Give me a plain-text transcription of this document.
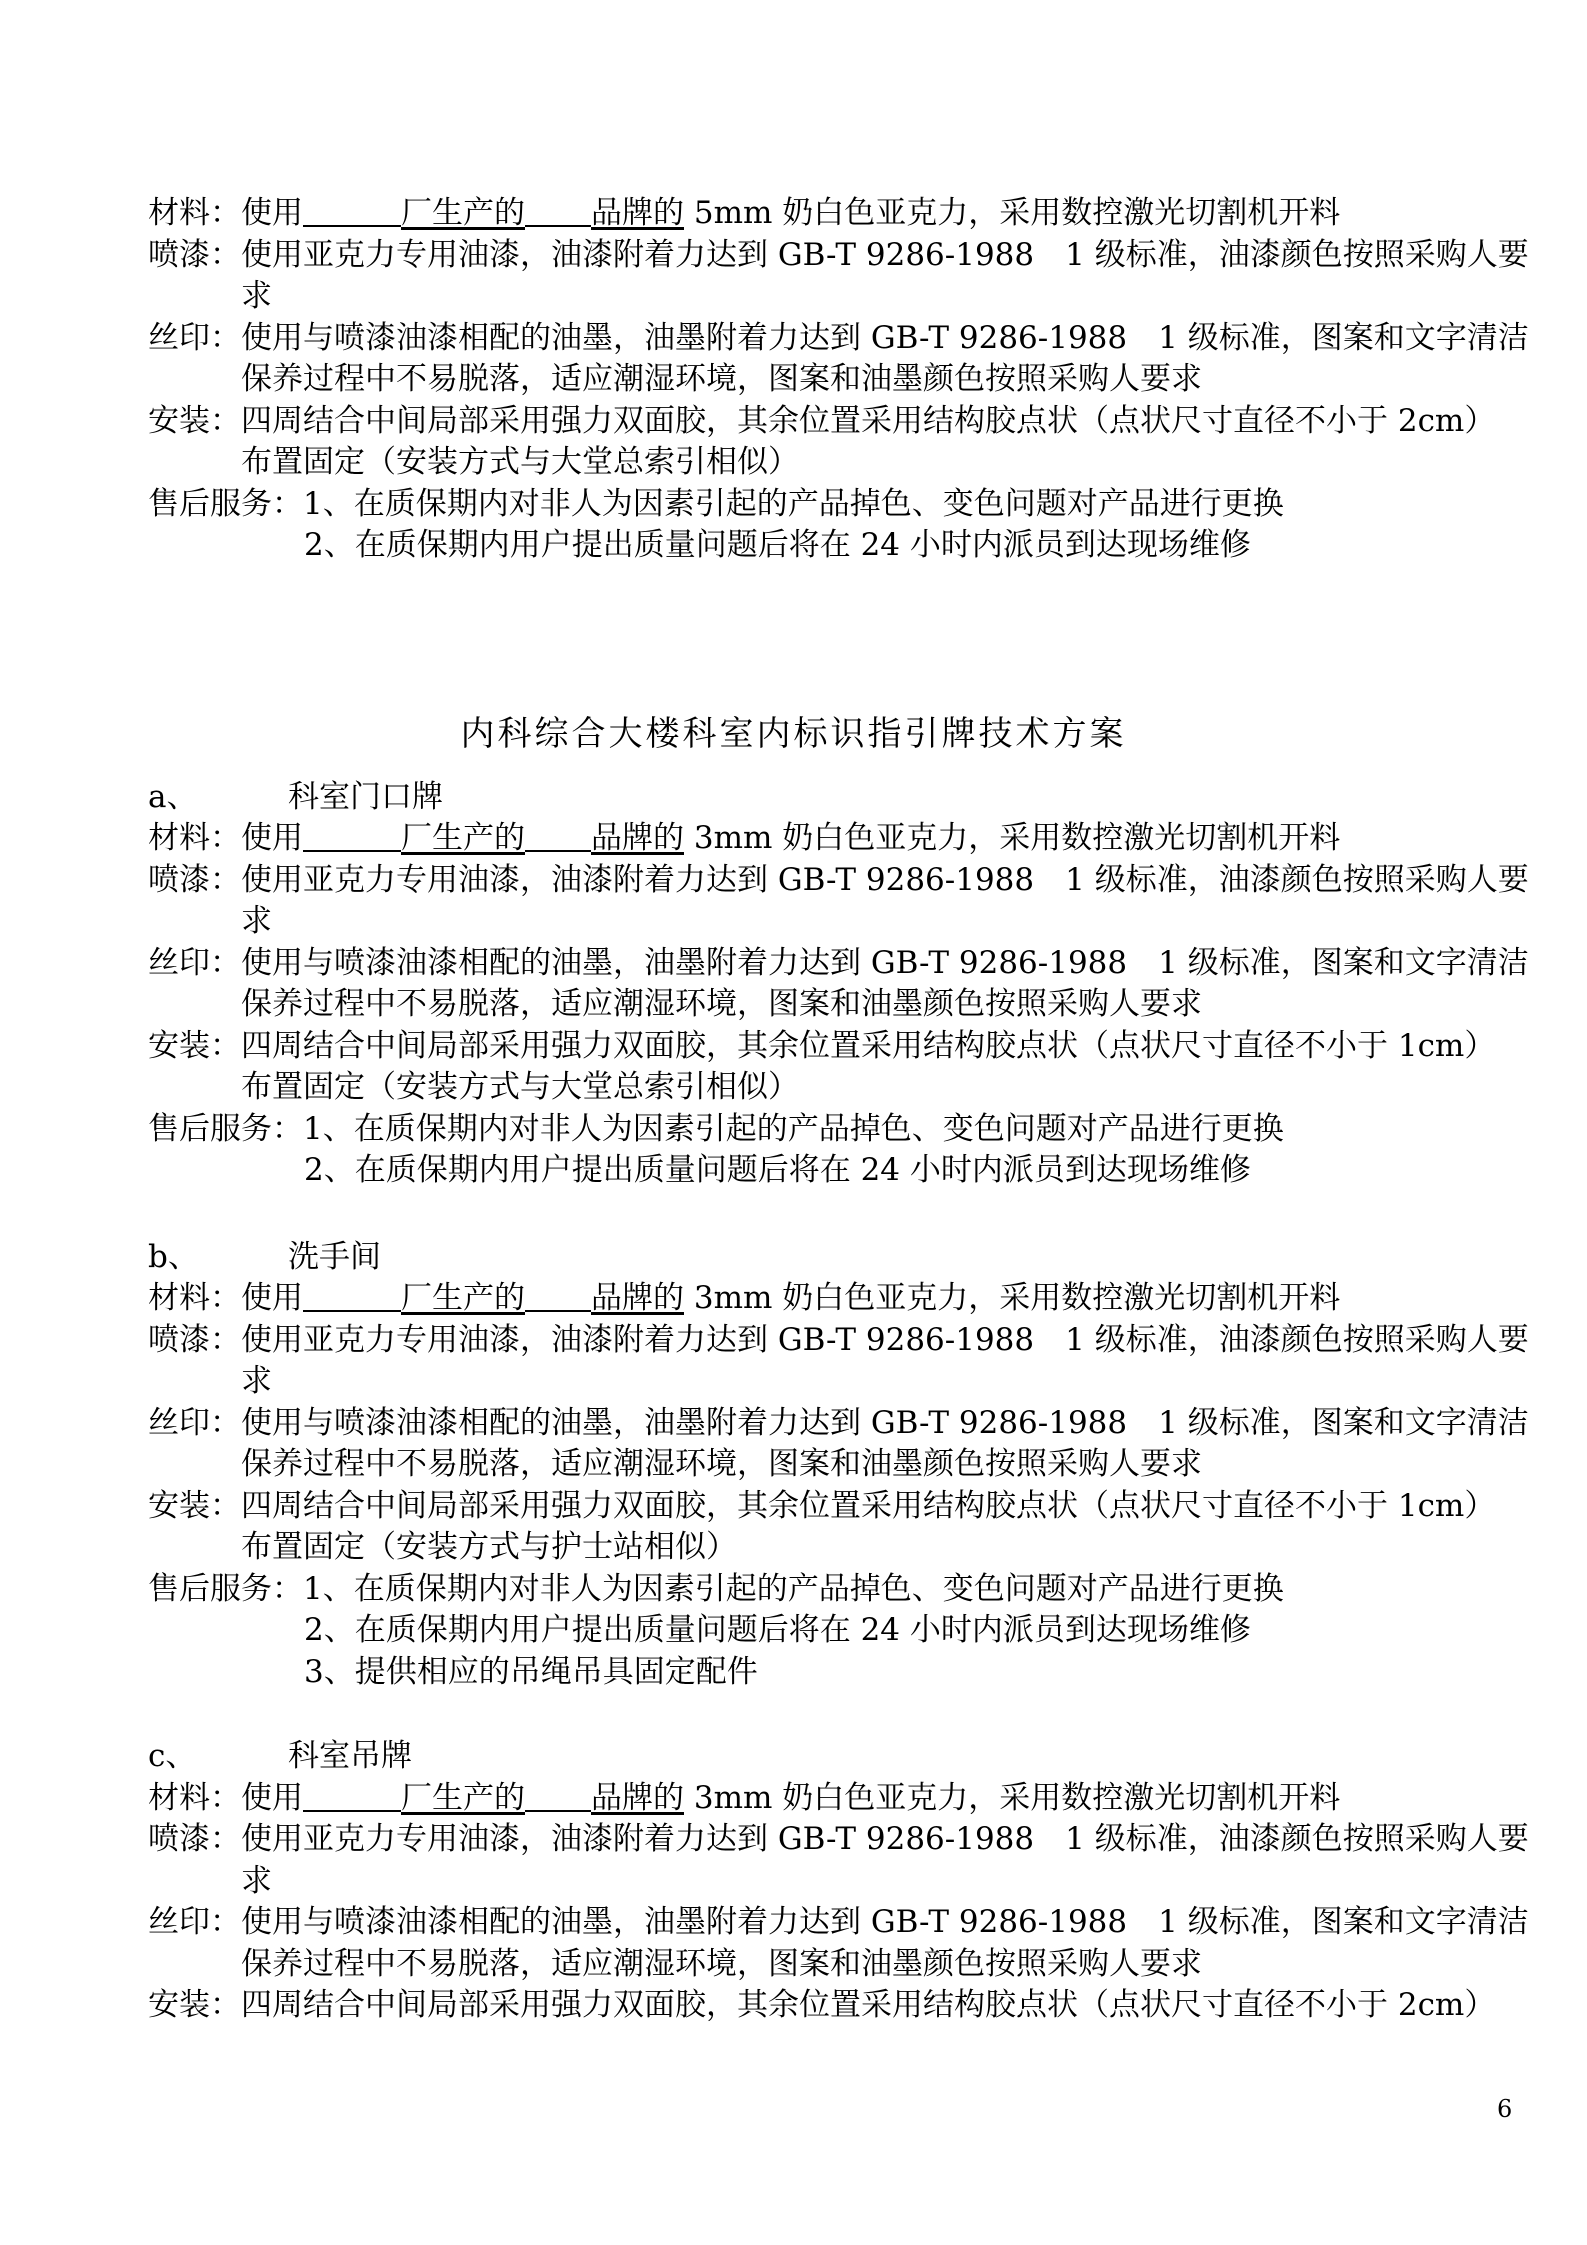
材料：使用	厂生产的 品牌的 5mm 奶白色亚克力，采用数控激光切割机开料
喷漆：使用亚克力专用油漆，油漆附着力达到 GB-T 9286-1988　1 级标准，油漆颜色按照采购人要
求
丝印：使用与喷漆油漆相配的油墨，油墨附着力达到 GB-T 9286-1988　1 级标准，图案和文字清洁
保养过程中不易脱落，适应潮湿环境，图案和油墨颜色按照采购人要求
安装：四周结合中间局部采用强力双面胶，其余位置采用结构胶点状（点状尺寸直径不小于 2cm）
布置固定（安装方式与大堂总索引相似）
售后服务：1、在质保期内对非人为因素引起的产品掉色、变色问题对产品进行更换
2、在质保期内用户提出质量问题后将在 24 小时内派员到达现场维修
内科综合大楼科室内标识指引牌技术方案
a、	科室门口牌
材料：使用	厂生产的 品牌的 3mm 奶白色亚克力，采用数控激光切割机开料
喷漆：使用亚克力专用油漆，油漆附着力达到 GB-T 9286-1988　1 级标准，油漆颜色按照采购人要
求
丝印：使用与喷漆油漆相配的油墨，油墨附着力达到 GB-T 9286-1988　1 级标准，图案和文字清洁
保养过程中不易脱落，适应潮湿环境，图案和油墨颜色按照采购人要求
安装：四周结合中间局部采用强力双面胶，其余位置采用结构胶点状（点状尺寸直径不小于 1cm）
布置固定（安装方式与大堂总索引相似）
售后服务：1、在质保期内对非人为因素引起的产品掉色、变色问题对产品进行更换
2、在质保期内用户提出质量问题后将在 24 小时内派员到达现场维修
b、	洗手间
材料：使用	厂生产的 品牌的 3mm 奶白色亚克力，采用数控激光切割机开料
喷漆：使用亚克力专用油漆，油漆附着力达到 GB-T 9286-1988　1 级标准，油漆颜色按照采购人要
求
丝印：使用与喷漆油漆相配的油墨，油墨附着力达到 GB-T 9286-1988　1 级标准，图案和文字清洁
保养过程中不易脱落，适应潮湿环境，图案和油墨颜色按照采购人要求
安装：四周结合中间局部采用强力双面胶，其余位置采用结构胶点状（点状尺寸直径不小于 1cm）
布置固定（安装方式与护士站相似）
售后服务：1、在质保期内对非人为因素引起的产品掉色、变色问题对产品进行更换
2、在质保期内用户提出质量问题后将在 24 小时内派员到达现场维修
3、提供相应的吊绳吊具固定配件
c、	科室吊牌
材料：使用	厂生产的 品牌的 3mm 奶白色亚克力，采用数控激光切割机开料
喷漆：使用亚克力专用油漆，油漆附着力达到 GB-T 9286-1988　1 级标准，油漆颜色按照采购人要
求
丝印：使用与喷漆油漆相配的油墨，油墨附着力达到 GB-T 9286-1988　1 级标准，图案和文字清洁
保养过程中不易脱落，适应潮湿环境，图案和油墨颜色按照采购人要求
安装：四周结合中间局部采用强力双面胶，其余位置采用结构胶点状（点状尺寸直径不小于 2cm）
6
